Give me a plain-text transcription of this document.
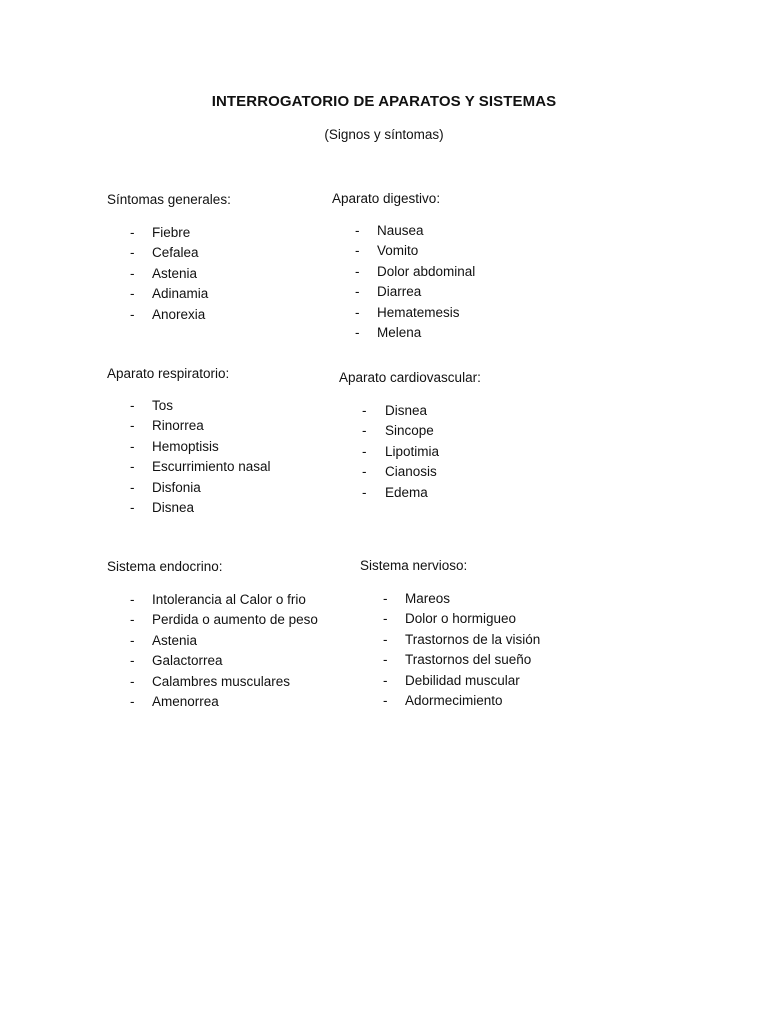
INTERROGATORIO DE APARATOS Y SISTEMAS
(Signos y síntomas)

Síntomas generales:

- Fiebre
- Cefalea
- Astenia
- Adinamia
- Anorexia

Aparato digestivo:

- Nausea
- Vomito
- Dolor abdominal
- Diarrea
- Hematemesis
- Melena

Aparato respiratorio:

- Tos
- Rinorrea
- Hemoptisis
- Escurrimiento nasal
- Disfonia
- Disnea

Aparato cardiovascular:

- Disnea
- Sincope
- Lipotimia
- Cianosis
- Edema

Sistema endocrino:

- Intolerancia al Calor o frio
- Perdida o aumento de peso
- Astenia
- Galactorrea
- Calambres musculares
- Amenorrea

Sistema nervioso:

- Mareos
- Dolor o hormigueo
- Trastornos de la visión
- Trastornos del sueño
- Debilidad muscular
- Adormecimiento
